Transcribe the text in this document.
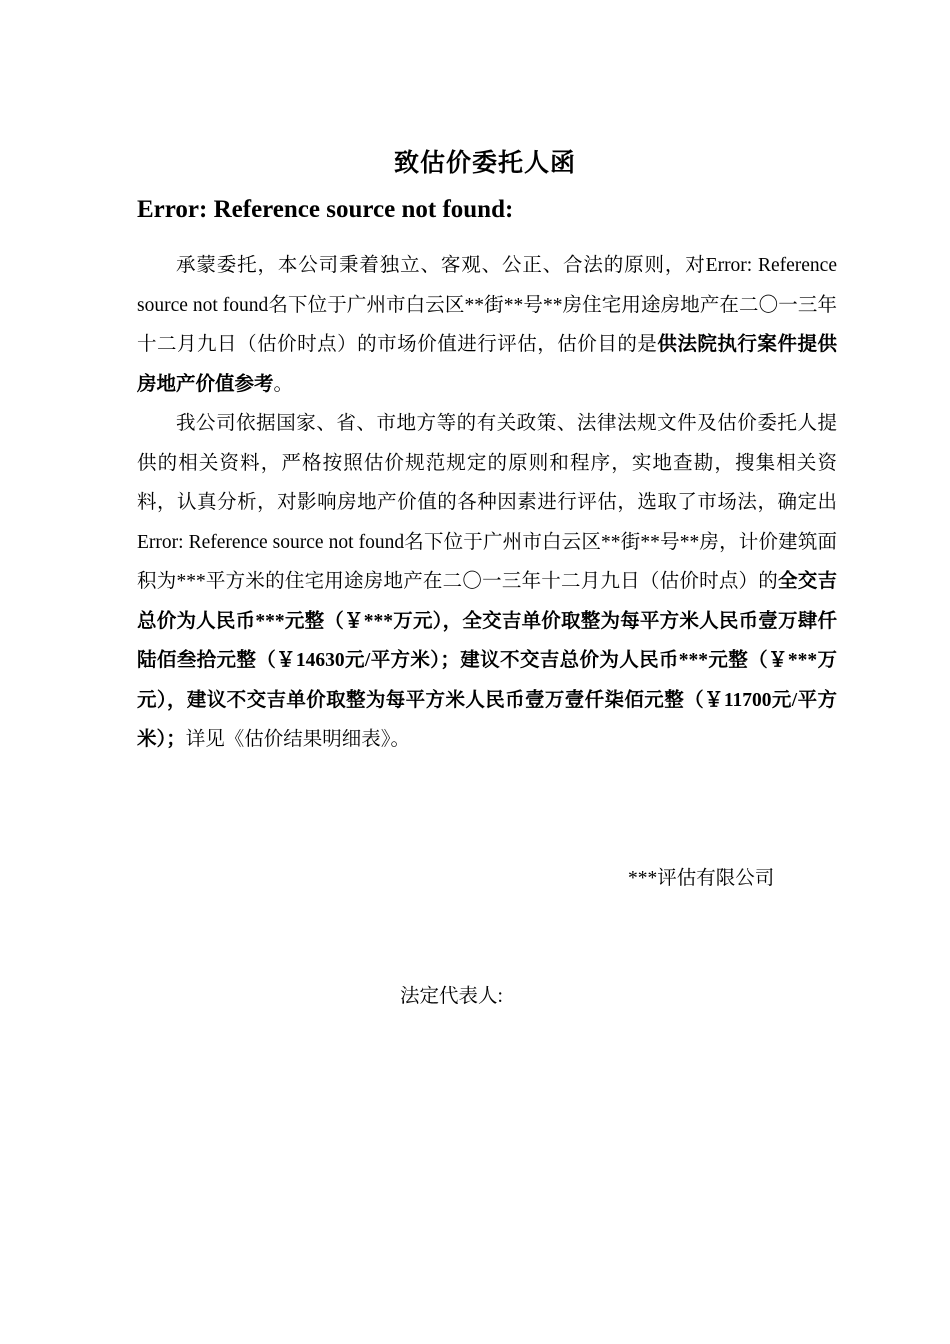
致估价委托人函
Error: Reference source not found:

承蒙委托，本公司秉着独立、客观、公正、合法的原则，对Error: Reference source not found名下位于广州市白云区**街**号**房住宅用途房地产在二〇一三年十二月九日（估价时点）的市场价值进行评估，估价目的是供法院执行案件提供房地产价值参考。

我公司依据国家、省、市地方等的有关政策、法律法规文件及估价委托人提供的相关资料，严格按照估价规范规定的原则和程序，实地查勘，搜集相关资料，认真分析，对影响房地产价值的各种因素进行评估，选取了市场法，确定出Error: Reference source not found名下位于广州市白云区**街**号**房，计价建筑面积为***平方米的住宅用途房地产在二〇一三年十二月九日（估价时点）的全交吉总价为人民币***元整（￥***万元），全交吉单价取整为每平方米人民币壹万肆仟陆佰叁拾元整（￥14630元/平方米）；建议不交吉总价为人民币***元整（￥***万元），建议不交吉单价取整为每平方米人民币壹万壹仟柒佰元整（￥11700元/平方米）；详见《估价结果明细表》。

***评估有限公司
法定代表人:
